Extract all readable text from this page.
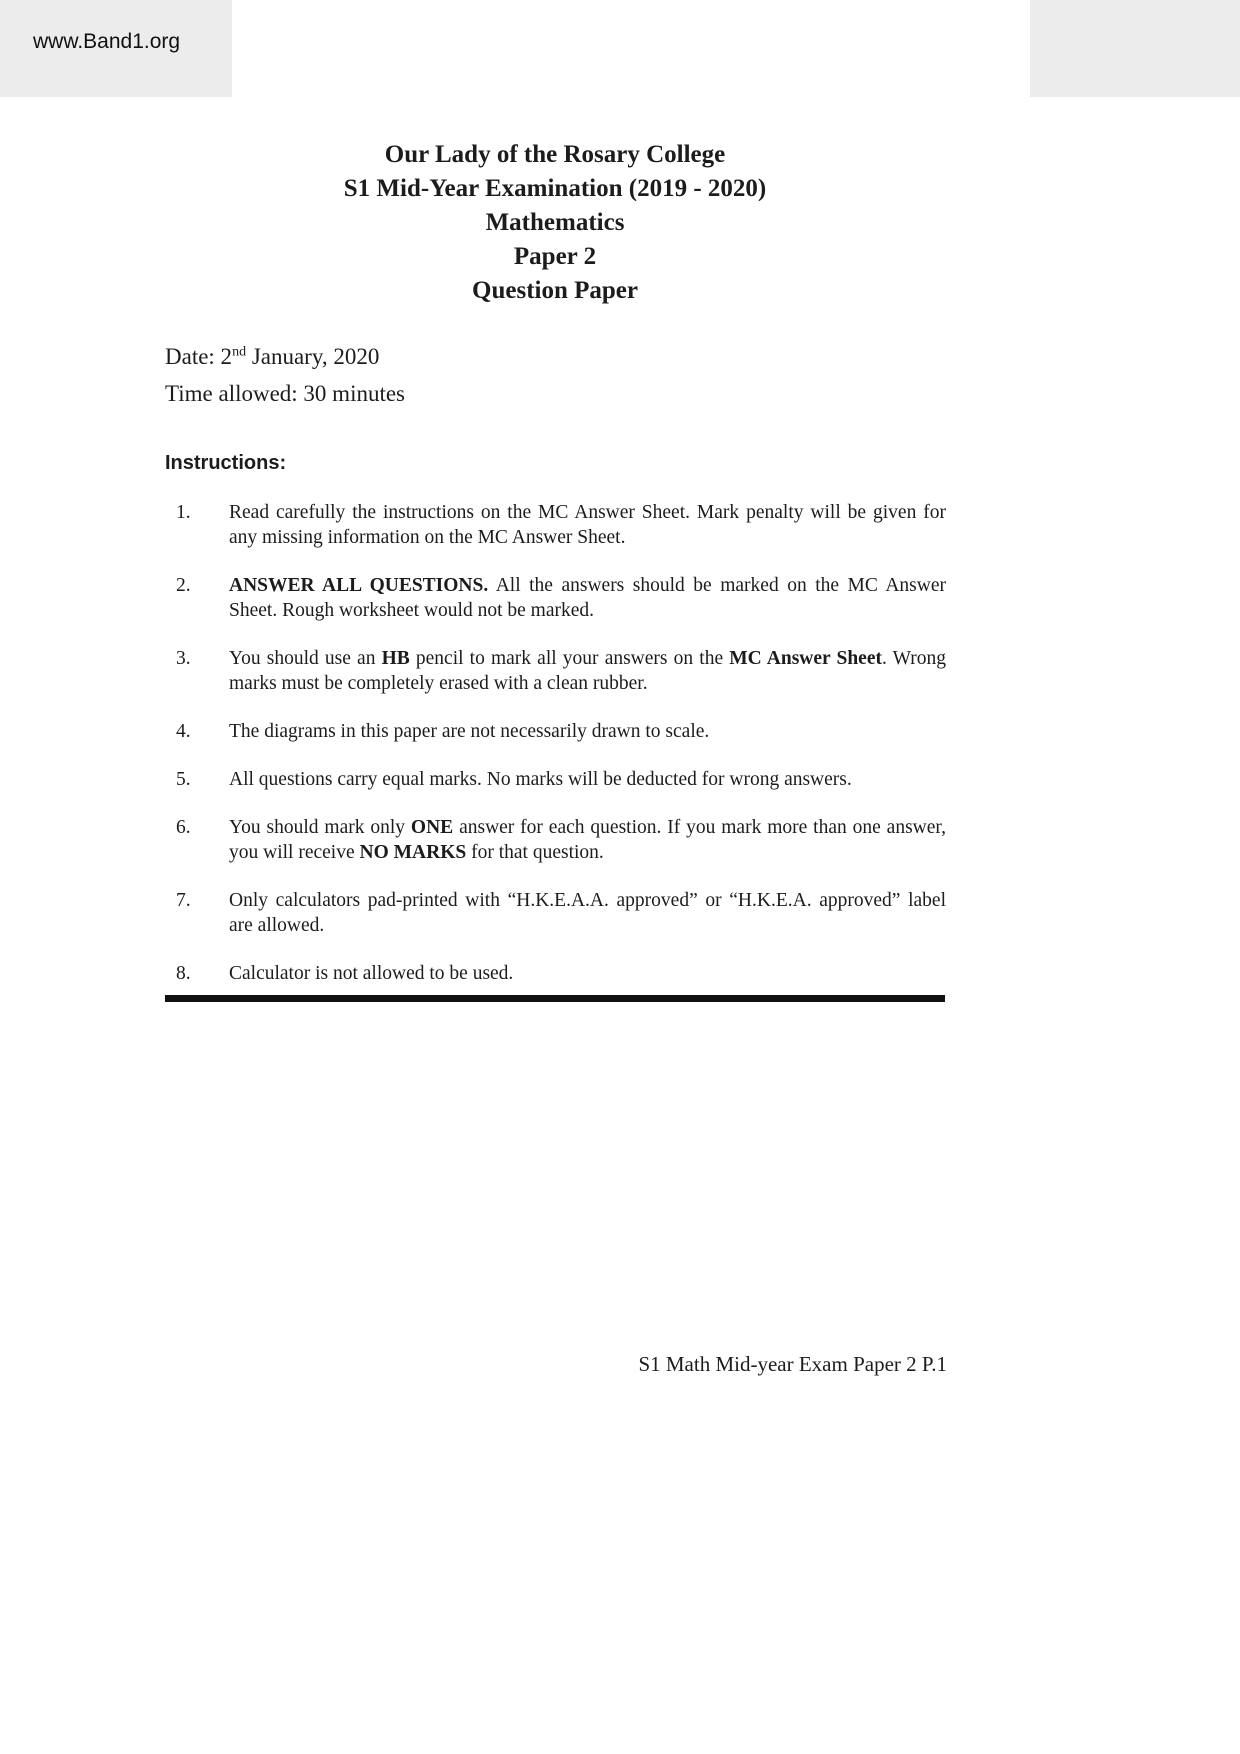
www.Band1.org
Our Lady of the Rosary College
S1 Mid-Year Examination (2019 - 2020)
Mathematics
Paper 2
Question Paper
Date: 2nd January, 2020
Time allowed: 30 minutes
Instructions:
1.	Read carefully the instructions on the MC Answer Sheet. Mark penalty will be given for any missing information on the MC Answer Sheet.
2.	ANSWER ALL QUESTIONS. All the answers should be marked on the MC Answer Sheet. Rough worksheet would not be marked.
3.	You should use an HB pencil to mark all your answers on the MC Answer Sheet. Wrong marks must be completely erased with a clean rubber.
4.	The diagrams in this paper are not necessarily drawn to scale.
5.	All questions carry equal marks. No marks will be deducted for wrong answers.
6.	You should mark only ONE answer for each question. If you mark more than one answer, you will receive NO MARKS for that question.
7.	Only calculators pad-printed with “H.K.E.A.A. approved” or “H.K.E.A. approved” label are allowed.
8.	Calculator is not allowed to be used.
S1 Math Mid-year Exam Paper 2 P.1
